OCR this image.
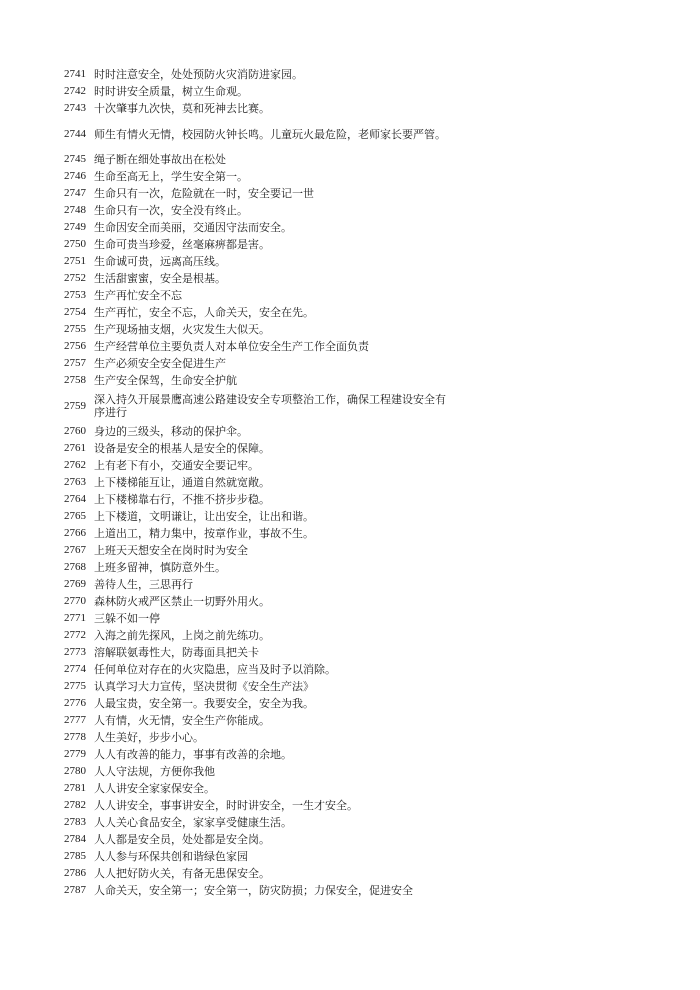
2741 时时注意安全，处处预防火灾消防进家园。
2742 时时讲安全质量，树立生命观。
2743 十次肇事九次快，莫和死神去比赛。
2744 师生有情火无情，校园防火钟长鸣。儿童玩火最危险，老师家长要严管。
2745 绳子断在细处事故出在松处
2746 生命至高无上，学生安全第一。
2747 生命只有一次，危险就在一时，安全要记一世
2748 生命只有一次，安全没有终止。
2749 生命因安全而美丽，交通因守法而安全。
2750 生命可贵当珍爱，丝毫麻痹都是害。
2751 生命诚可贵，远离高压线。
2752 生活甜蜜蜜，安全是根基。
2753 生产再忙安全不忘
2754 生产再忙，安全不忘，人命关天，安全在先。
2755 生产现场抽支烟，火灾发生大似天。
2756 生产经营单位主要负责人对本单位安全生产工作全面负责
2757 生产必须安全安全促进生产
2758 生产安全保驾，生命安全护航
2759 深入持久开展景鹰高速公路建设安全专项整治工作，确保工程建设安全有序进行
2760 身边的三级头，移动的保护伞。
2761 设备是安全的根基人是安全的保障。
2762 上有老下有小，交通安全要记牢。
2763 上下楼梯能互让，通道自然就宽敞。
2764 上下楼梯靠右行，不推不挤步步稳。
2765 上下楼道，文明谦让，让出安全，让出和谐。
2766 上道出工，精力集中，按章作业，事故不生。
2767 上班天天想安全在岗时时为安全
2768 上班多留神，慎防意外生。
2769 善待人生，三思再行
2770 森林防火戒严区禁止一切野外用火。
2771 三躲不如一停
2772 入海之前先探风，上岗之前先练功。
2773 溶解联氨毒性大，防毒面具把关卡
2774 任何单位对存在的火灾隐患，应当及时予以消除。
2775 认真学习大力宣传，坚决贯彻《安全生产法》
2776 人最宝贵，安全第一。我要安全，安全为我。
2777 人有情，火无情，安全生产你能成。
2778 人生美好，步步小心。
2779 人人有改善的能力，事事有改善的余地。
2780 人人守法规，方便你我他
2781 人人讲安全家家保安全。
2782 人人讲安全，事事讲安全，时时讲安全，一生才安全。
2783 人人关心食品安全，家家享受健康生活。
2784 人人都是安全员，处处都是安全岗。
2785 人人参与环保共创和谐绿色家园
2786 人人把好防火关，有备无患保安全。
2787 人命关天，安全第一；安全第一，防灾防损；力保安全，促进安全
